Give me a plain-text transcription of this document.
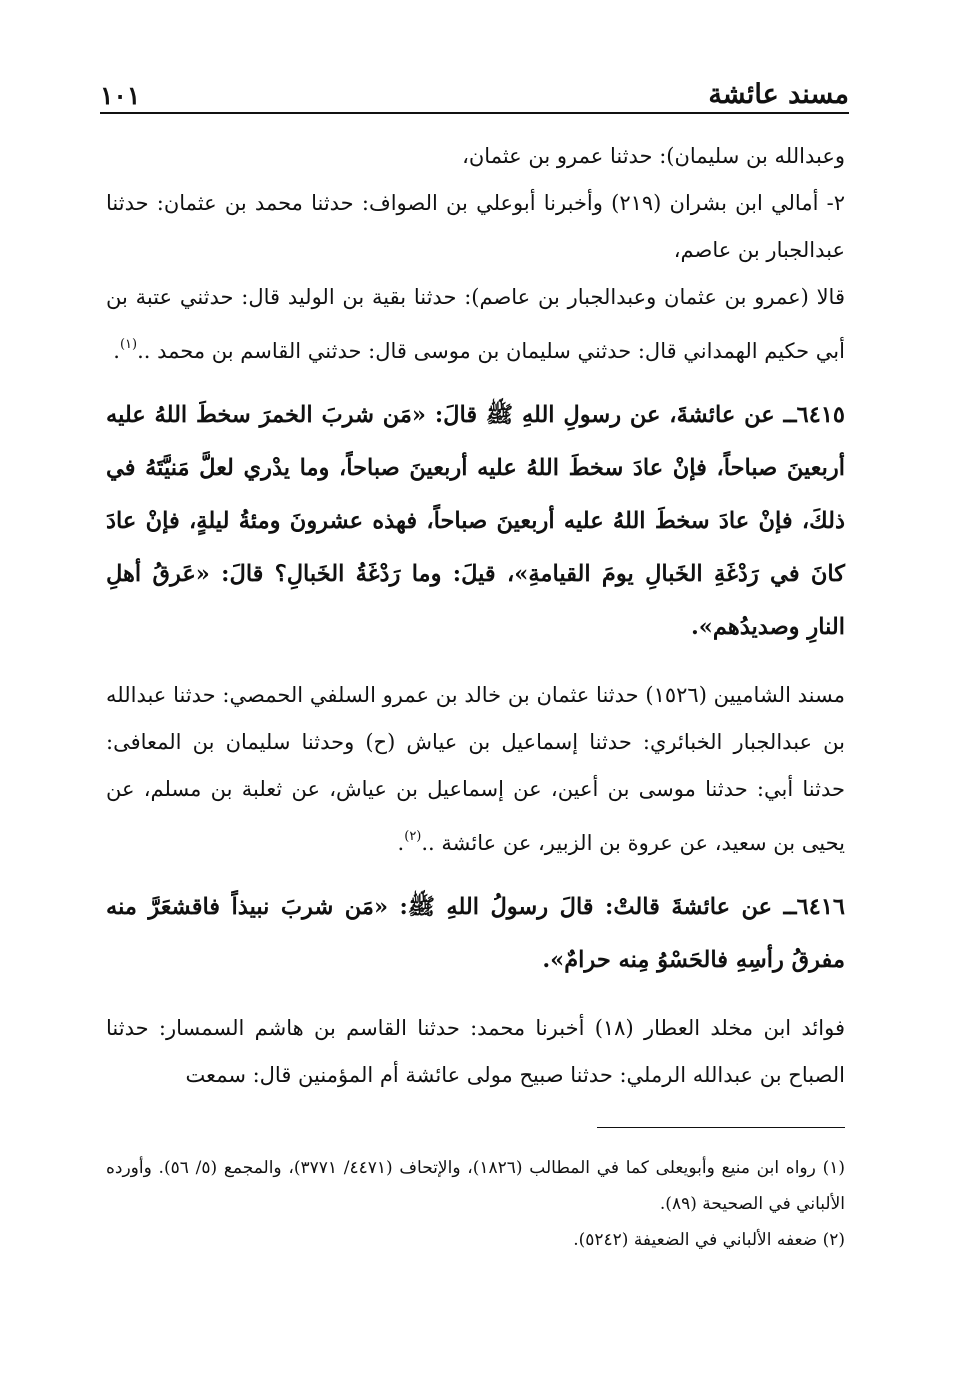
مسند عائشة
١٠١

وعبدالله بن سليمان): حدثنا عمرو بن عثمان،

٢- أمالي ابن بشران (٢١٩) وأخبرنا أبوعلي بن الصواف: حدثنا محمد بن عثمان: حدثنا عبدالجبار بن عاصم،

قالا (عمرو بن عثمان وعبدالجبار بن عاصم): حدثنا بقية بن الوليد قال: حدثني عتبة بن أبي حكيم الهمداني قال: حدثني سليمان بن موسى قال: حدثني القاسم بن محمد ..$^{(١)}$.

٦٤١٥ــ عن عائشةَ، عن رسولِ اللهِ ﷺ قالَ: «مَن شربَ الخمرَ سخطَ اللهُ عليه أربعينَ صباحاً، فإنْ عادَ سخطَ اللهُ عليه أربعينَ صباحاً، وما يدْري لعلَّ مَنيَّتَهُ في ذلكَ، فإنْ عادَ سخطَ اللهُ عليه أربعينَ صباحاً، فهذه عشرونَ ومئةُ ليلةٍ، فإنْ عادَ كانَ في رَدْغَةِ الخَبالِ يومَ القيامةِ»، قيلَ: وما رَدْغَةُ الخَبالِ؟ قالَ: «عَرقُ أهلِ النارِ وصديدُهم».

مسند الشاميين (١٥٢٦) حدثنا عثمان بن خالد بن عمرو السلفي الحمصي: حدثنا عبدالله بن عبدالجبار الخبائري: حدثنا إسماعيل بن عياش (ح) وحدثنا سليمان بن المعافى: حدثنا أبي: حدثنا موسى بن أعين، عن إسماعيل بن عياش، عن ثعلبة بن مسلم، عن يحيى بن سعيد، عن عروة بن الزبير، عن عائشة ..$^{(٢)}$.

٦٤١٦ــ عن عائشةَ قالتْ: قالَ رسولُ اللهِ ﷺ: «مَن شربَ نبيذاً فاقشعَرَّ منه مفرقُ رأسِهِ فالحَسْوُ مِنه حرامٌ».

فوائد ابن مخلد العطار (١٨) أخبرنا محمد: حدثنا القاسم بن هاشم السمسار: حدثنا الصباح بن عبدالله الرملي: حدثنا صبيح مولى عائشة أم المؤمنين قال: سمعت

(١) رواه ابن منيع وأبويعلى كما في المطالب (١٨٢٦)، والإتحاف (٤٤٧١/ ٣٧٧١)، والمجمع (٥/ ٥٦). وأورده الألباني في الصحيحة (٨٩).

(٢) ضعفه الألباني في الضعيفة (٥٢٤٢).
